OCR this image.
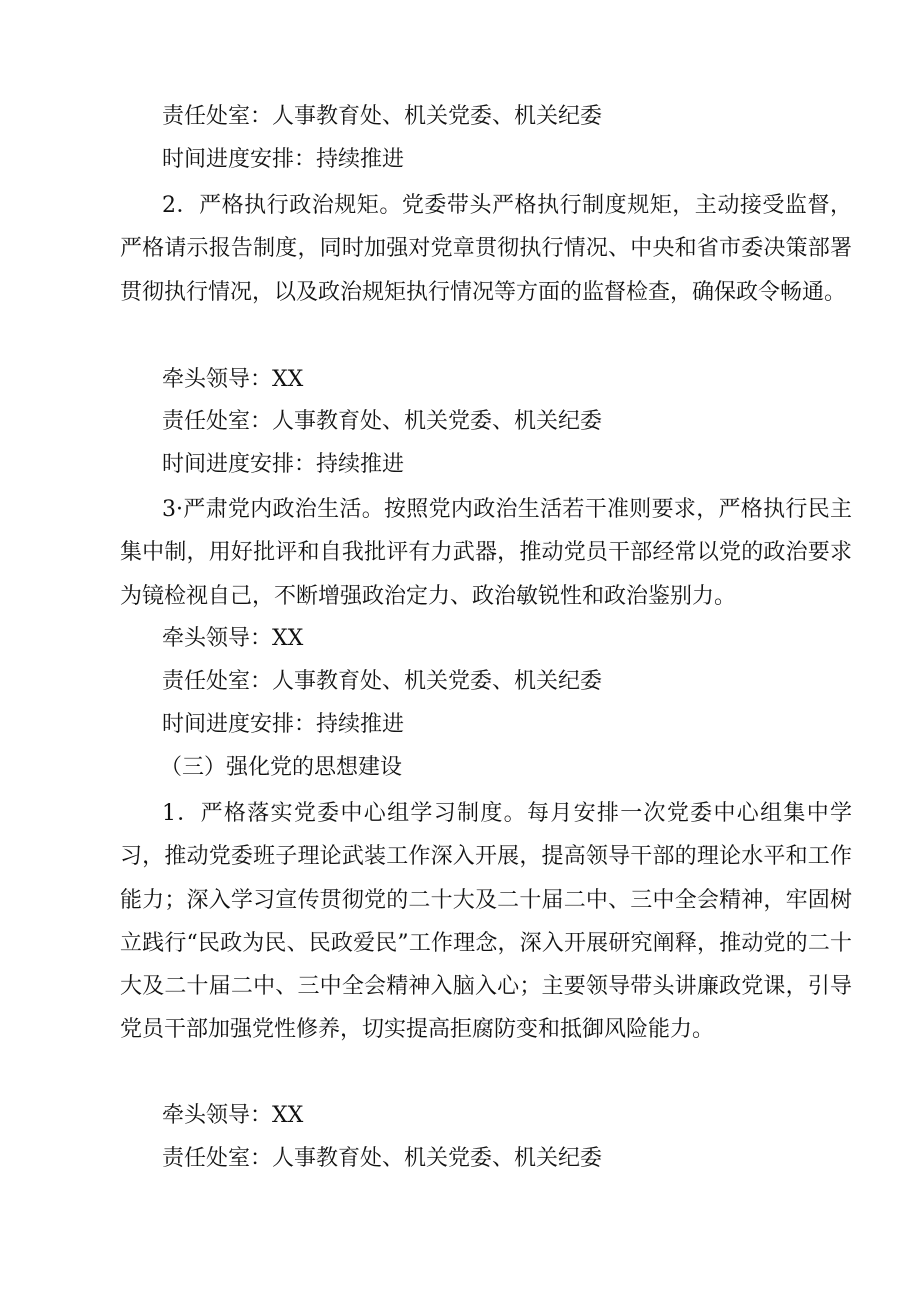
责任处室：人事教育处、机关党委、机关纪委
时间进度安排：持续推进

2．严格执行政治规矩。党委带头严格执行制度规矩，主动接受监督，严格请示报告制度，同时加强对党章贯彻执行情况、中央和省市委决策部署贯彻执行情况，以及政治规矩执行情况等方面的监督检查，确保政令畅通。

牵头领导：XX
责任处室：人事教育处、机关党委、机关纪委
时间进度安排：持续推进

3·严肃党内政治生活。按照党内政治生活若干准则要求，严格执行民主集中制，用好批评和自我批评有力武器，推动党员干部经常以党的政治要求为镜检视自己，不断增强政治定力、政治敏锐性和政治鉴别力。

牵头领导：XX
责任处室：人事教育处、机关党委、机关纪委
时间进度安排：持续推进
（三）强化党的思想建设

1．严格落实党委中心组学习制度。每月安排一次党委中心组集中学习，推动党委班子理论武装工作深入开展，提高领导干部的理论水平和工作能力；深入学习宣传贯彻党的二十大及二十届二中、三中全会精神，牢固树立践行“民政为民、民政爱民”工作理念，深入开展研究阐释，推动党的二十大及二十届二中、三中全会精神入脑入心；主要领导带头讲廉政党课，引导党员干部加强党性修养，切实提高拒腐防变和抵御风险能力。

牵头领导：XX
责任处室：人事教育处、机关党委、机关纪委
